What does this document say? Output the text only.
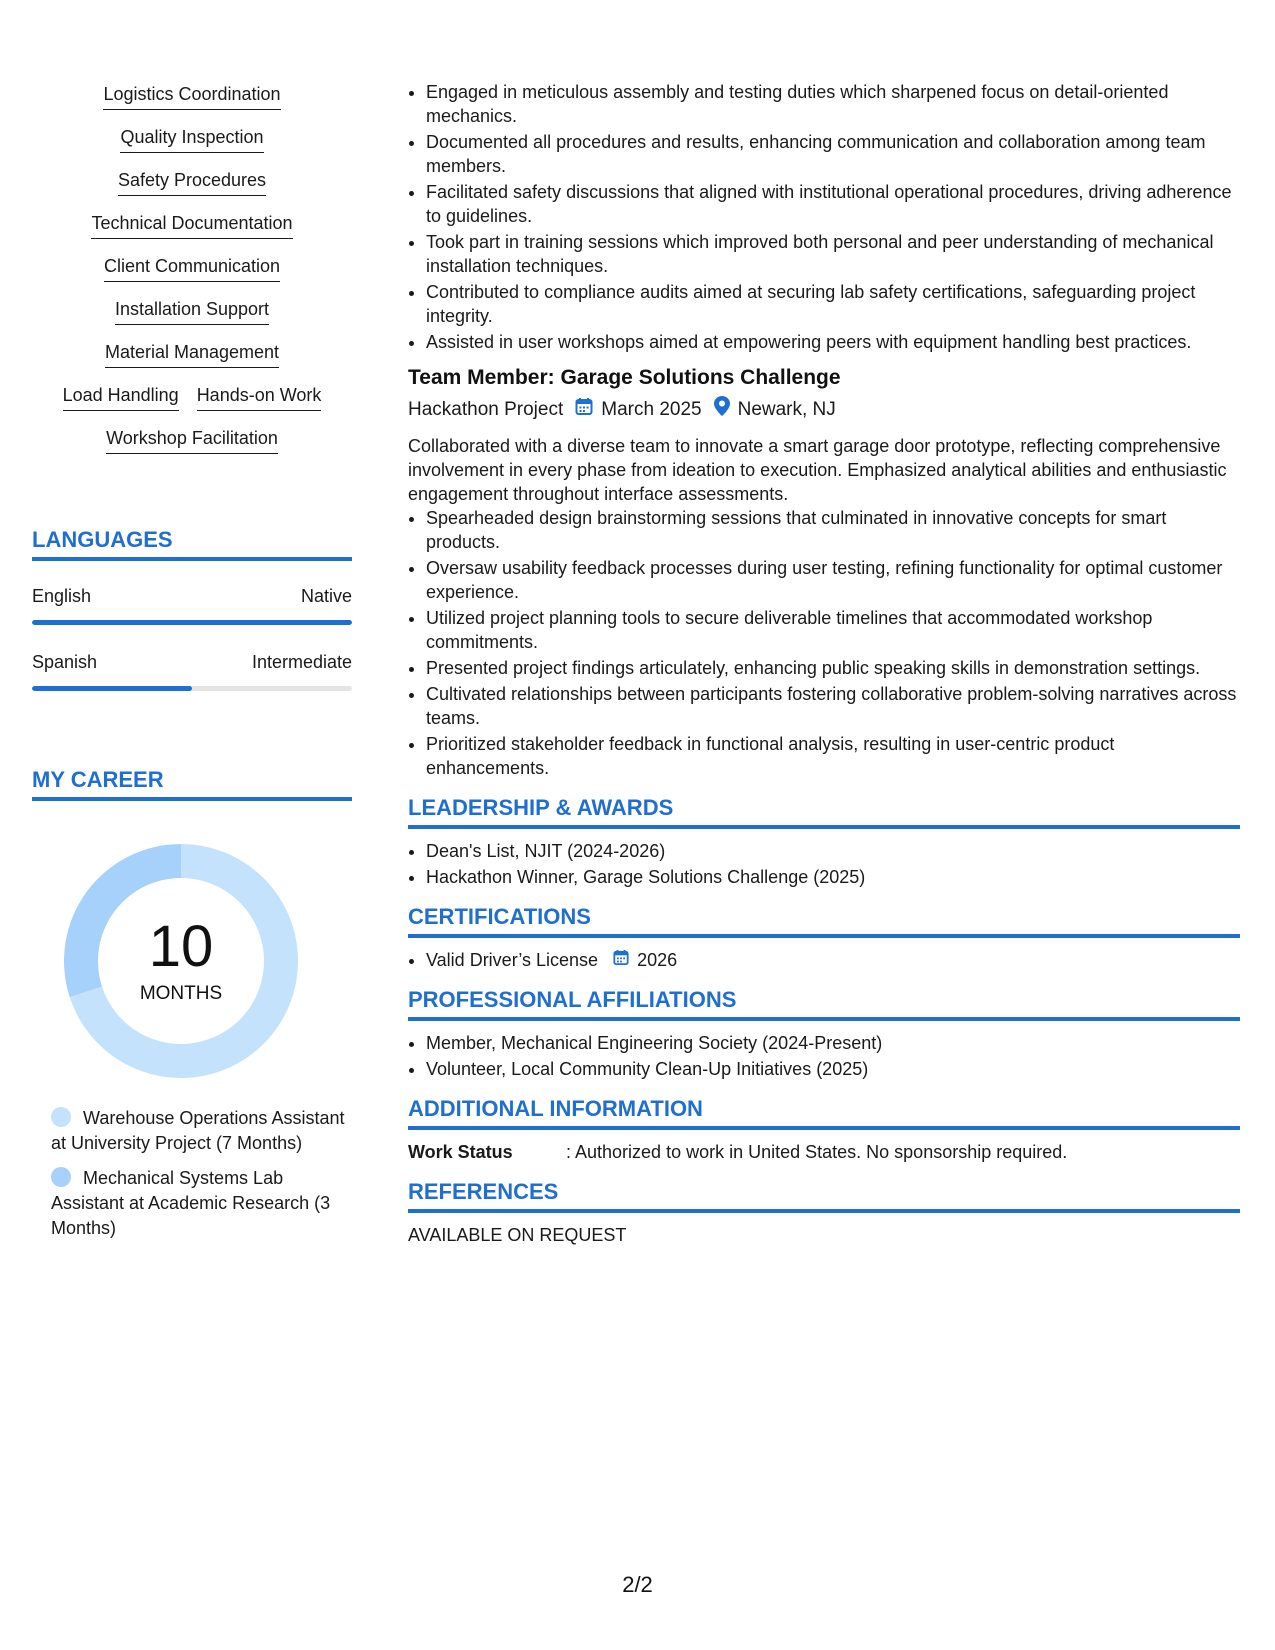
Logistics Coordination
Quality Inspection
Safety Procedures
Technical Documentation
Client Communication
Installation Support
Material Management
Load Handling Hands-on Work
Workshop Facilitation
LANGUAGES
English	Native
Spanish	Intermediate
MY CAREER
10
MONTHS
Warehouse Operations Assistant at University Project (7 Months)
Mechanical Systems Lab Assistant at Academic Research (3 Months)
• Engaged in meticulous assembly and testing duties which sharpened focus on detail-oriented mechanics.
• Documented all procedures and results, enhancing communication and collaboration among team members.
• Facilitated safety discussions that aligned with institutional operational procedures, driving adherence to guidelines.
• Took part in training sessions which improved both personal and peer understanding of mechanical installation techniques.
• Contributed to compliance audits aimed at securing lab safety certifications, safeguarding project integrity.
• Assisted in user workshops aimed at empowering peers with equipment handling best practices.
Team Member: Garage Solutions Challenge
Hackathon Project March 2025 Newark, NJ
Collaborated with a diverse team to innovate a smart garage door prototype, reflecting comprehensive involvement in every phase from ideation to execution. Emphasized analytical abilities and enthusiastic engagement throughout interface assessments.
• Spearheaded design brainstorming sessions that culminated in innovative concepts for smart products.
• Oversaw usability feedback processes during user testing, refining functionality for optimal customer experience.
• Utilized project planning tools to secure deliverable timelines that accommodated workshop commitments.
• Presented project findings articulately, enhancing public speaking skills in demonstration settings.
• Cultivated relationships between participants fostering collaborative problem-solving narratives across teams.
• Prioritized stakeholder feedback in functional analysis, resulting in user-centric product enhancements.
LEADERSHIP & AWARDS
• Dean's List, NJIT (2024-2026)
• Hackathon Winner, Garage Solutions Challenge (2025)
CERTIFICATIONS
• Valid Driver’s License 2026
PROFESSIONAL AFFILIATIONS
• Member, Mechanical Engineering Society (2024-Present)
• Volunteer, Local Community Clean-Up Initiatives (2025)
ADDITIONAL INFORMATION
Work Status	: Authorized to work in United States. No sponsorship required.
REFERENCES
AVAILABLE ON REQUEST
2/2
